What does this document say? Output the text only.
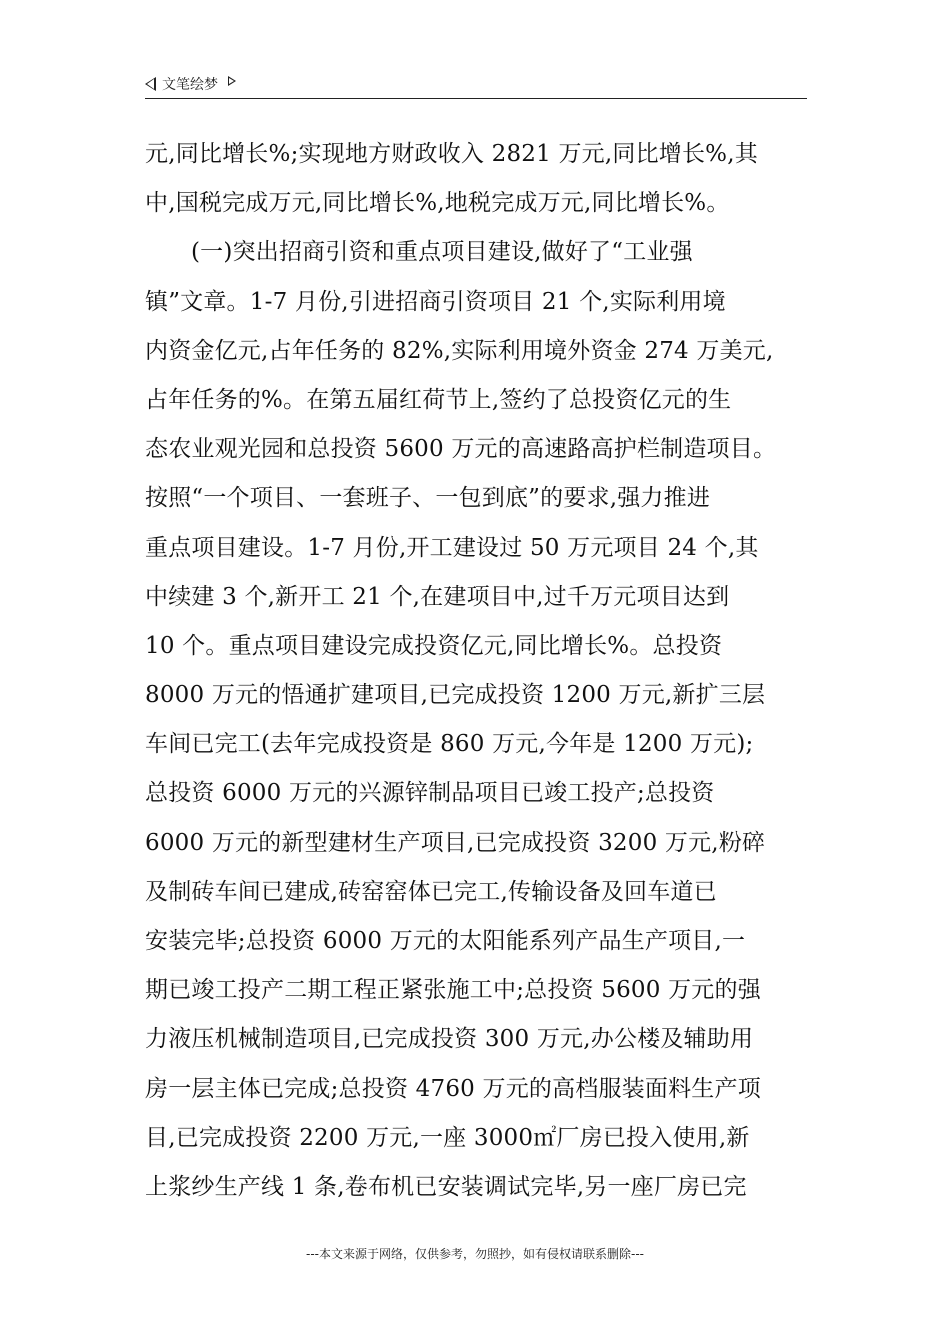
文笔绘梦
元,同比增长%;实现地方财政收入 2821 万元,同比增长%,其
中,国税完成万元,同比增长%,地税完成万元,同比增长%。
(一)突出招商引资和重点项目建设,做好了“工业强
镇”文章。1-7 月份,引进招商引资项目 21 个,实际利用境
内资金亿元,占年任务的 82%,实际利用境外资金 274 万美元,
占年任务的%。在第五届红荷节上,签约了总投资亿元的生
态农业观光园和总投资 5600 万元的高速路高护栏制造项目。
按照“一个项目、一套班子、一包到底”的要求,强力推进
重点项目建设。1-7 月份,开工建设过 50 万元项目 24 个,其
中续建 3 个,新开工 21 个,在建项目中,过千万元项目达到
10 个。重点项目建设完成投资亿元,同比增长%。总投资
8000 万元的悟通扩建项目,已完成投资 1200 万元,新扩三层
车间已完工(去年完成投资是 860 万元,今年是 1200 万元);
总投资 6000 万元的兴源锌制品项目已竣工投产;总投资
6000 万元的新型建材生产项目,已完成投资 3200 万元,粉碎
及制砖车间已建成,砖窑窑体已完工,传输设备及回车道已
安装完毕;总投资 6000 万元的太阳能系列产品生产项目,一
期已竣工投产二期工程正紧张施工中;总投资 5600 万元的强
力液压机械制造项目,已完成投资 300 万元,办公楼及辅助用
房一层主体已完成;总投资 4760 万元的高档服装面料生产项
目,已完成投资 2200 万元,一座 3000㎡厂房已投入使用,新
上浆纱生产线 1 条,卷布机已安装调试完毕,另一座厂房已完
---本文来源于网络，仅供参考，勿照抄，如有侵权请联系删除---
